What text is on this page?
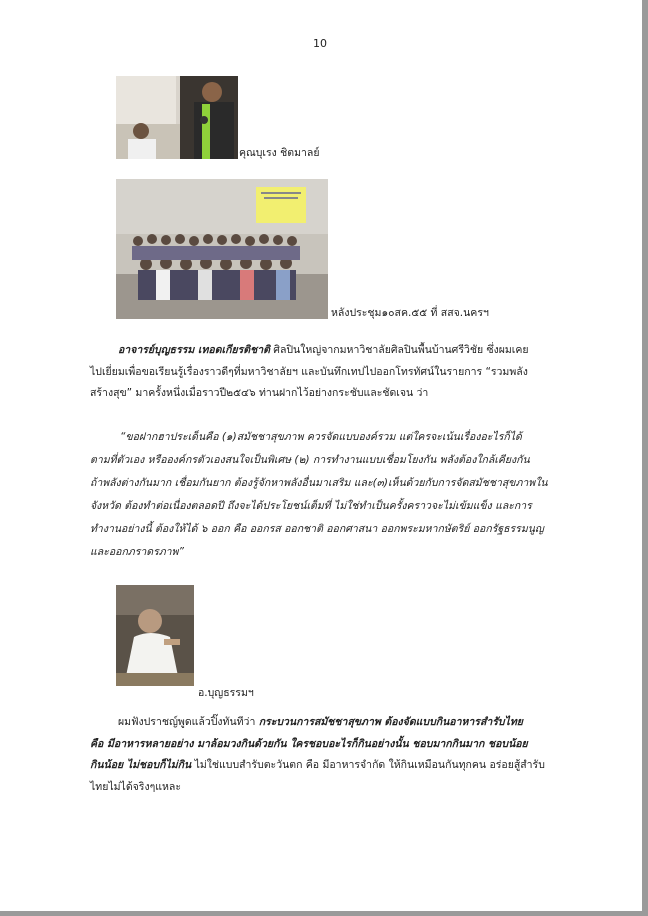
10
คุณบุเรง ชิตมาลย์
หลังประชุม๑๐สค.๕๕ ที่ สสจ.นครฯ
อาจารย์บุญธรรม เทอดเกียรติชาติ ศิลปินใหญ่จากมหาวิชาลัยศิลปินพื้นบ้านศรีวิชัย ซึ่งผมเคย
ไปเยี่ยมเพื่อขอเรียนรู้เรื่องราวดีๆที่มหาวิชาลัยฯ และบันทึกเทปไปออกโทรทัศน์ในรายการ “รวมพลัง
สร้างสุข” มาครั้งหนึ่งเมื่อราวปี๒๕๔๖ ท่านฝากไว้อย่างกระชับและชัดเจน ว่า
“ขอฝากฮาประเด็นคือ (๑)สมัชชาสุขภาพ ควรจัดแบบองค์รวม แต่ใครจะเน้นเรื่องอะไรก็ได้
ตามที่ตัวเอง หรือองค์กรตัวเองสนใจเป็นพิเศษ (๒) การทำงานแบบเชื่อมโยงกัน พลังต้องใกล้เคียงกัน
ถ้าพลังต่างกันมาก เชื่อมกันยาก ต้องรู้จักหาพลังอื่นมาเสริม และ(๓)เห็นด้วยกับการจัดสมัชชาสุขภาพใน
จังหวัด ต้องทำต่อเนื่องตลอดปี ถึงจะได้ประโยชน์เต็มที่ ไม่ใช่ทำเป็นครั้งคราวจะไม่เข้มแข็ง และการ
ทำงานอย่างนี้ ต้องให้ได้ ๖ ออก คือ ออกรส ออกชาติ ออกศาสนา ออกพระมหากษัตริย์ ออกรัฐธรรมนูญ
และออกภราดรภาพ”
อ.บุญธรรมฯ
ผมฟังปราชญ์พูดแล้วปิ๊งทันทีว่า กระบวนการสมัชชาสุขภาพ ต้องจัดแบบกินอาหารสำรับไทย
คือ มีอาหารหลายอย่าง มาล้อมวงกินด้วยกัน ใครชอบอะไรก็กินอย่างนั้น ชอบมากกินมาก ชอบน้อย
กินน้อย ไม่ชอบก็ไม่กิน ไม่ใช่แบบสำรับตะวันตก คือ มีอาหารจำกัด ให้กินเหมือนกันทุกคน อร่อยสู้สำรับ
ไทยไม่ได้จริงๆแหละ
